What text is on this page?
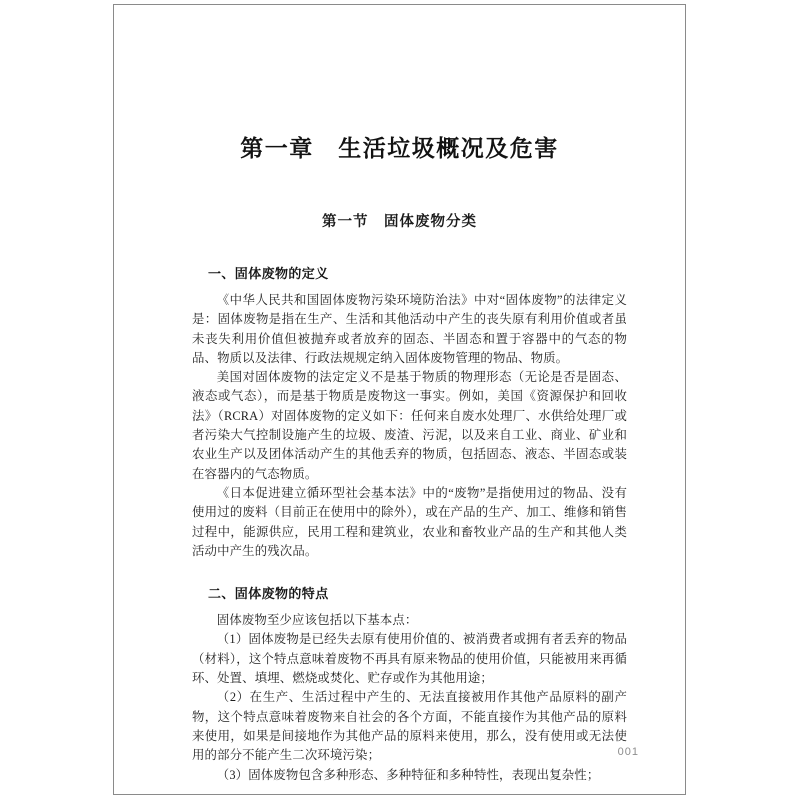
第一章　生活垃圾概况及危害
第一节　固体废物分类
一、固体废物的定义

《中华人民共和国固体废物污染环境防治法》中对“固体废物”的法律定义是：固体废物是指在生产、生活和其他活动中产生的丧失原有利用价值或者虽未丧失利用价值但被抛弃或者放弃的固态、半固态和置于容器中的气态的物品、物质以及法律、行政法规规定纳入固体废物管理的物品、物质。

美国对固体废物的法定定义不是基于物质的物理形态（无论是否是固态、液态或气态），而是基于物质是废物这一事实。例如，美国《资源保护和回收法》（RCRA）对固体废物的定义如下：任何来自废水处理厂、水供给处理厂或者污染大气控制设施产生的垃圾、废渣、污泥，以及来自工业、商业、矿业和农业生产以及团体活动产生的其他丢弃的物质，包括固态、液态、半固态或装在容器内的气态物质。

《日本促进建立循环型社会基本法》中的“废物”是指使用过的物品、没有使用过的废料（目前正在使用中的除外），或在产品的生产、加工、维修和销售过程中，能源供应，民用工程和建筑业，农业和畜牧业产品的生产和其他人类活动中产生的残次品。

二、固体废物的特点

固体废物至少应该包括以下基本点：

（1）固体废物是已经失去原有使用价值的、被消费者或拥有者丢弃的物品（材料），这个特点意味着废物不再具有原来物品的使用价值，只能被用来再循环、处置、填埋、燃烧或焚化、贮存或作为其他用途；

（2）在生产、生活过程中产生的、无法直接被用作其他产品原料的副产物，这个特点意味着废物来自社会的各个方面，不能直接作为其他产品的原料来使用，如果是间接地作为其他产品的原料来使用，那么，没有使用或无法使用的部分不能产生二次环境污染；

（3）固体废物包含多种形态、多种特征和多种特性，表现出复杂性；

001
